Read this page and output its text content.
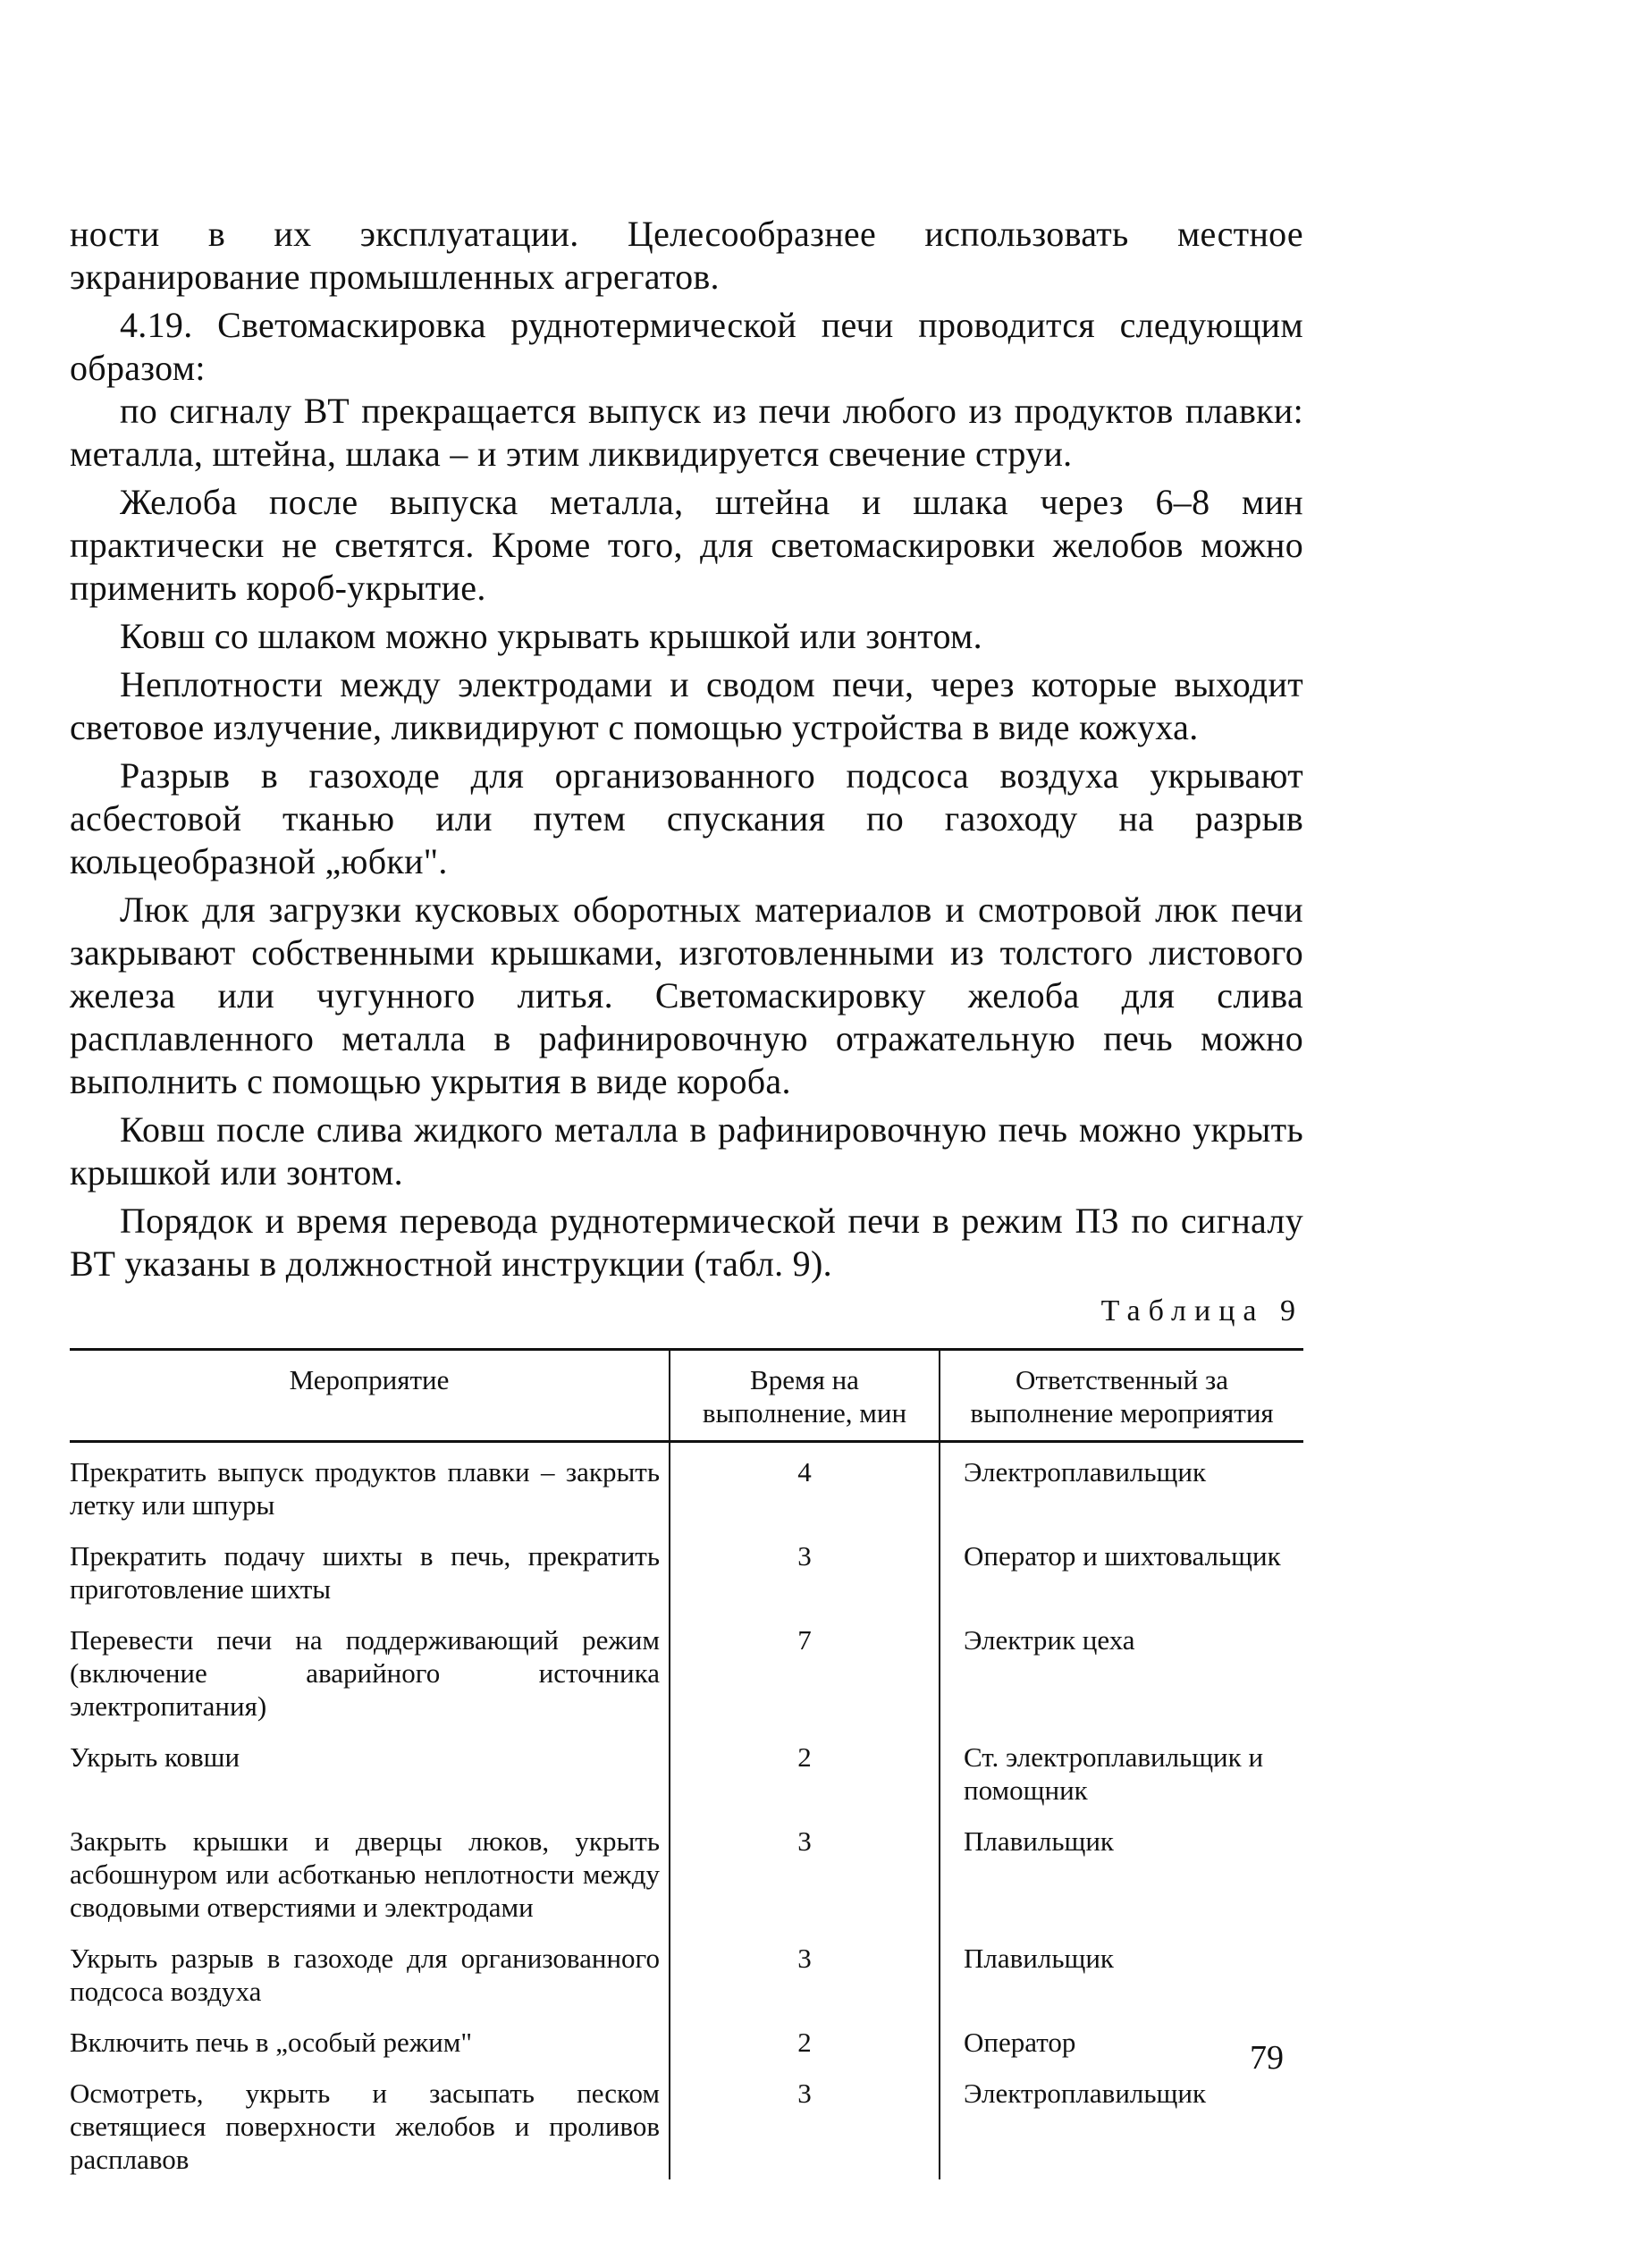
ности в их эксплуатации. Целесообразнее использовать местное экранирование промышленных агрегатов.

4.19. Светомаскировка руднотермической печи проводится следующим образом:

по сигналу ВТ прекращается выпуск из печи любого из продуктов плавки: металла, штейна, шлака – и этим ликвидируется свечение струи.

Желоба после выпуска металла, штейна и шлака через 6–8 мин практически не светятся. Кроме того, для светомаскировки желобов можно применить короб-укрытие.

Ковш со шлаком можно укрывать крышкой или зонтом.

Неплотности между электродами и сводом печи, через которые выходит световое излучение, ликвидируют с помощью устройства в виде кожуха.

Разрыв в газоходе для организованного подсоса воздуха укрывают асбестовой тканью или путем спускания по газоходу на разрыв кольцеобразной „юбки".

Люк для загрузки кусковых оборотных материалов и смотровой люк печи закрывают собственными крышками, изготовленными из толстого листового железа или чугунного литья. Светомаскировку желоба для слива расплавленного металла в рафинировочную отражательную печь можно выполнить с помощью укрытия в виде короба.

Ковш после слива жидкого металла в рафинировочную печь можно укрыть крышкой или зонтом.

Порядок и время перевода руднотермической печи в режим ПЗ по сигналу ВТ указаны в должностной инструкции (табл. 9).

Таблица 9
Мероприятие	Время на выполнение, мин	Ответственный за выполнение мероприятия
Прекратить выпуск продуктов плавки – закрыть летку или шпуры	4	Электроплавильщик
Прекратить подачу шихты в печь, прекратить приготовление шихты	3	Оператор и шихтовальщик
Перевести печи на поддерживающий режим (включение аварийного источника электропитания)	7	Электрик цеха
Укрыть ковши	2	Ст. электроплавильщик и помощник
Закрыть крышки и дверцы люков, укрыть асбошнуром или асботканью неплотности между сводовыми отверстиями и электродами	3	Плавильщик
Укрыть разрыв в газоходе для организованного подсоса воздуха	3	Плавильщик
Включить печь в „особый режим"	2	Оператор
Осмотреть, укрыть и засыпать песком светящиеся поверхности желобов и проливов расплавов	3	Электроплавильщик
79
